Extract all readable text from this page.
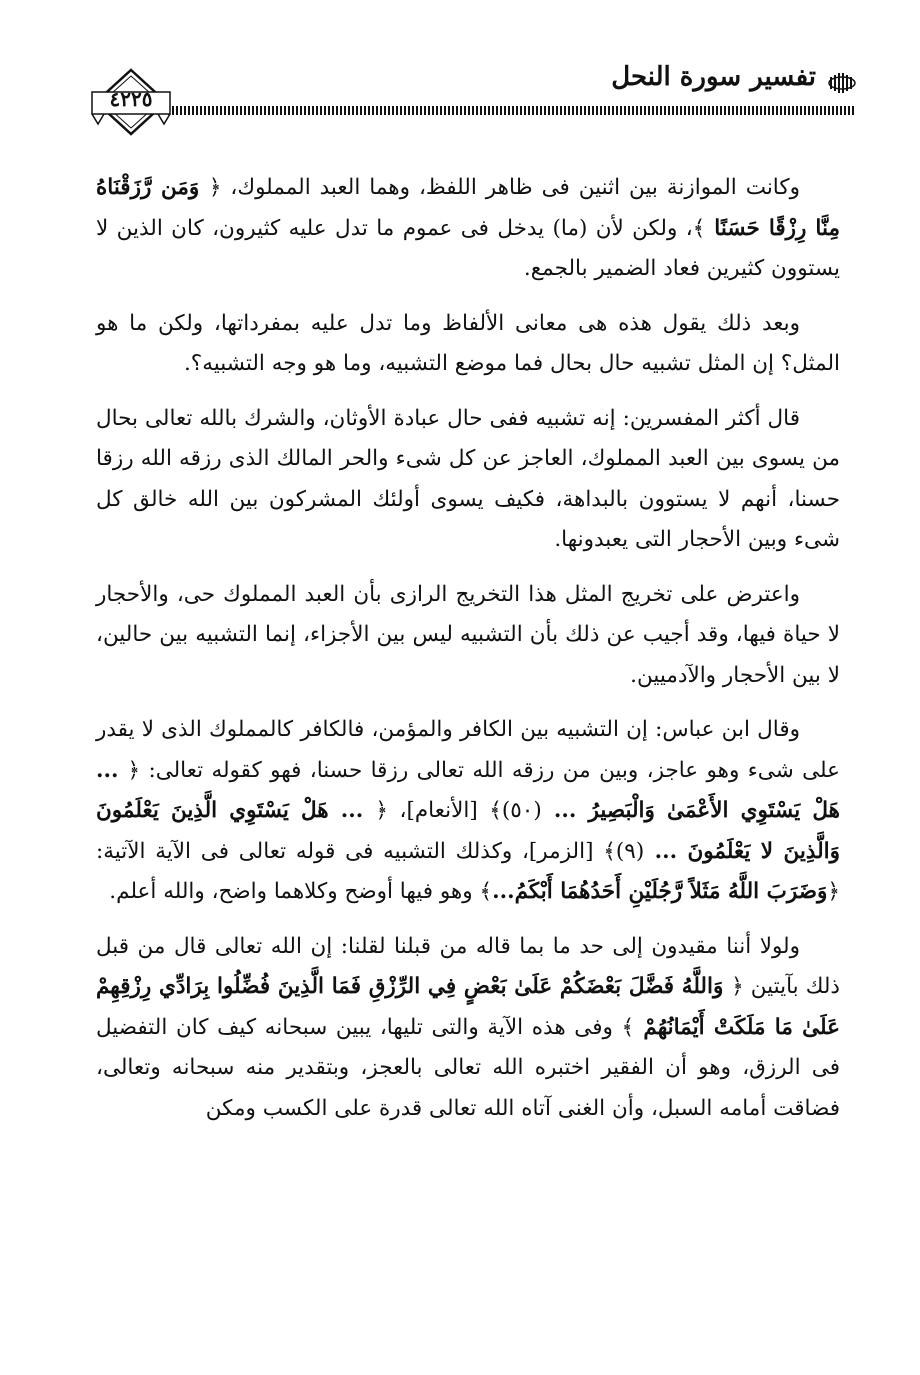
تفسير سورة النحل
٤٢٢٥

وكانت الموازنة بين اثنين فى ظاهر اللفظ، وهما العبد المملوك، ﴿ وَمَن رَّزَقْنَاهُ مِنَّا رِزْقًا حَسَنًا ﴾، ولكن لأن (ما) يدخل فى عموم ما تدل عليه كثيرون، كان الذين لا يستوون كثيرين فعاد الضمير بالجمع.

وبعد ذلك يقول هذه هى معانى الألفاظ وما تدل عليه بمفرداتها، ولكن ما هو المثل؟ إن المثل تشبيه حال بحال فما موضع التشبيه، وما هو وجه التشبيه؟.

قال أكثر المفسرين: إنه تشبيه ففى حال عبادة الأوثان، والشرك بالله تعالى بحال من يسوى بين العبد المملوك، العاجز عن كل شىء والحر المالك الذى رزقه الله رزقا حسنا، أنهم لا يستوون بالبداهة، فكيف يسوى أولئك المشركون بين الله خالق كل شىء وبين الأحجار التى يعبدونها.

واعترض على تخريج المثل هذا التخريج الرازى بأن العبد المملوك حى، والأحجار لا حياة فيها، وقد أجيب عن ذلك بأن التشبيه ليس بين الأجزاء، إنما التشبيه بين حالين، لا بين الأحجار والآدميين.

وقال ابن عباس: إن التشبيه بين الكافر والمؤمن، فالكافر كالمملوك الذى لا يقدر على شىء وهو عاجز، وبين من رزقه الله تعالى رزقا حسنا، فهو كقوله تعالى: ﴿ ... هَلْ يَسْتَوِي الأَعْمَىٰ وَالْبَصِيرُ ... (٥٠)﴾ [الأنعام]، ﴿ ... هَلْ يَسْتَوِي الَّذِينَ يَعْلَمُونَ وَالَّذِينَ لا يَعْلَمُونَ ... (٩)﴾ [الزمر]، وكذلك التشبيه فى قوله تعالى فى الآية الآتية: ﴿وَضَرَبَ اللَّهُ مَثَلاً رَّجُلَيْنِ أَحَدُهُمَا أَبْكَمُ...﴾ وهو فيها أوضح وكلاهما واضح، والله أعلم.

ولولا أننا مقيدون إلى حد ما بما قاله من قبلنا لقلنا: إن الله تعالى قال من قبل ذلك بآيتين ﴿ وَاللَّهُ فَضَّلَ بَعْضَكُمْ عَلَىٰ بَعْضٍ فِي الرِّزْقِ فَمَا الَّذِينَ فُضِّلُوا بِرَادِّي رِزْقِهِمْ عَلَىٰ مَا مَلَكَتْ أَيْمَانُهُمْ ﴾ وفى هذه الآية والتى تليها، يبين سبحانه كيف كان التفضيل فى الرزق، وهو أن الفقير اختبره الله تعالى بالعجز، وبتقدير منه سبحانه وتعالى، فضاقت أمامه السبل، وأن الغنى آتاه الله تعالى قدرة على الكسب ومكن
